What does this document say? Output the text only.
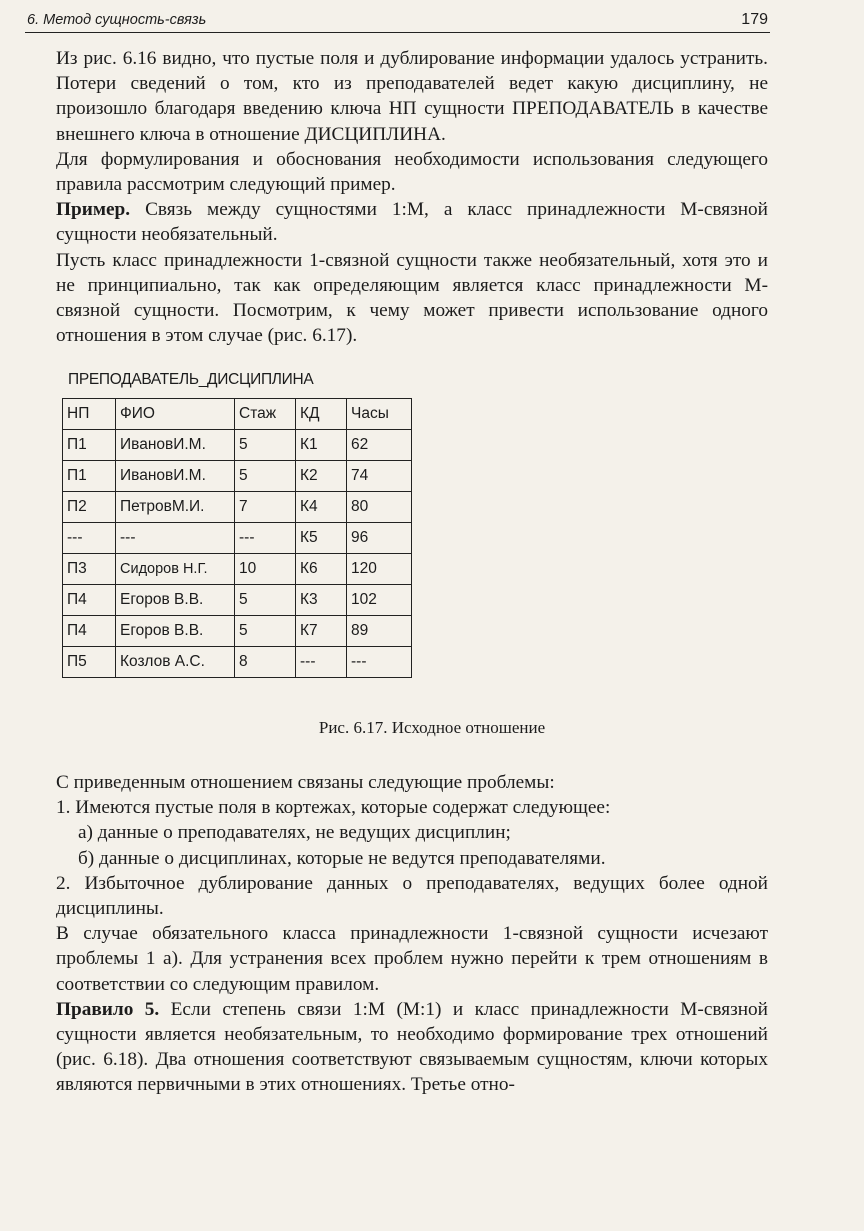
6. Метод сущность-связь	179

Из рис. 6.16 видно, что пустые поля и дублирование информации удалось устранить. Потери сведений о том, кто из преподавателей ведет какую дисциплину, не произошло благодаря введению ключа НП сущности ПРЕПОДАВАТЕЛЬ в качестве внешнего ключа в отношение ДИСЦИПЛИНА.

Для формулирования и обоснования необходимости использования следующего правила рассмотрим следующий пример.

Пример. Связь между сущностями 1:М, а класс принадлежности М-связной сущности необязательный.

Пусть класс принадлежности 1-связной сущности также необязательный, хотя это и не принципиально, так как определяющим является класс принадлежности М-связной сущности. Посмотрим, к чему может привести использование одного отношения в этом случае (рис. 6.17).

ПРЕПОДАВАТЕЛЬ_ДИСЦИПЛИНА
НП	ФИО	Стаж	КД	Часы
П1	ИвановИ.М.	5	К1	62
П1	ИвановИ.М.	5	К2	74
П2	ПетровМ.И.	7	К4	80
---	---	---	К5	96
П3	Сидоров Н.Г.	10	К6	120
П4	Егоров В.В.	5	К3	102
П4	Егоров В.В.	5	К7	89
П5	Козлов А.С.	8	---	---
Рис. 6.17. Исходное отношение

С приведенным отношением связаны следующие проблемы:

1. Имеются пустые поля в кортежах, которые содержат следующее:

а) данные о преподавателях, не ведущих дисциплин;

б) данные о дисциплинах, которые не ведутся преподавателями.

2. Избыточное дублирование данных о преподавателях, ведущих более одной дисциплины.

В случае обязательного класса принадлежности 1-связной сущности исчезают проблемы 1 а). Для устранения всех проблем нужно перейти к трем отношениям в соответствии со следующим правилом.

Правило 5. Если степень связи 1:М (М:1) и класс принадлежности М-связной сущности является необязательным, то необходимо формирование трех отношений (рис. 6.18). Два отношения соответствуют связываемым сущностям, ключи которых являются первичными в этих отношениях. Третье отно-
